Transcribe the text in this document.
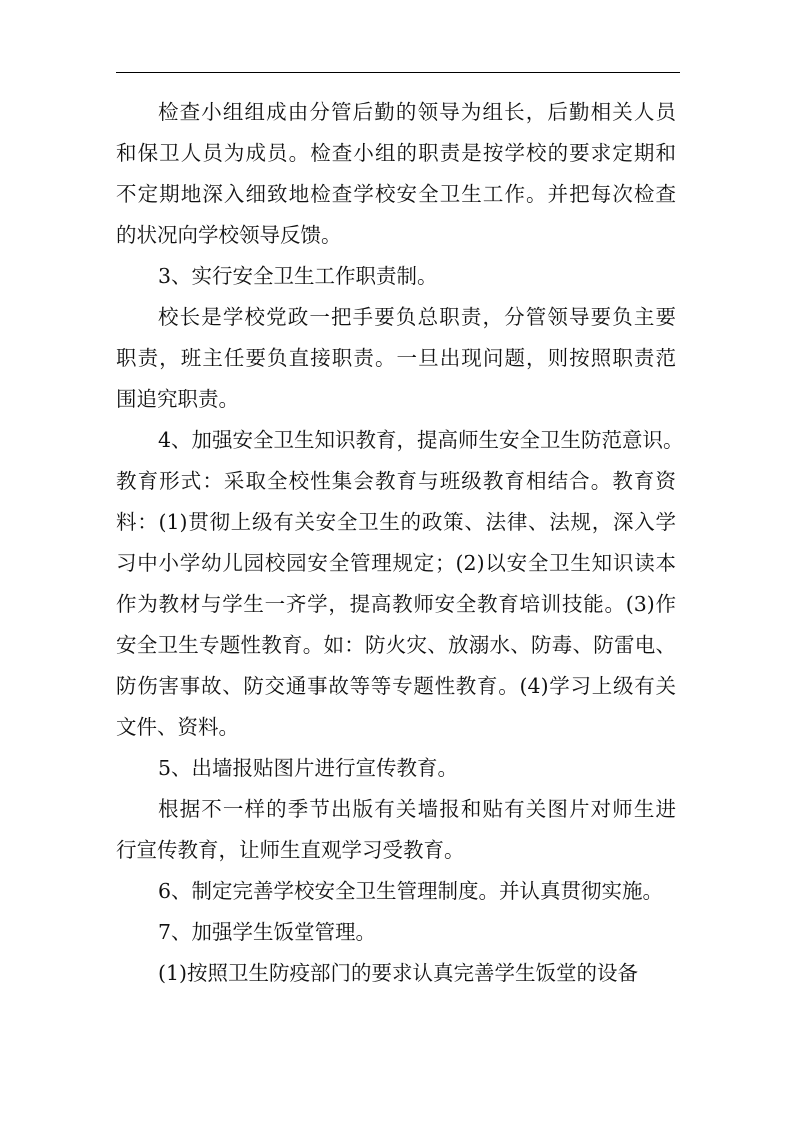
检查小组组成由分管后勤的领导为组长，后勤相关人员
和保卫人员为成员。检查小组的职责是按学校的要求定期和
不定期地深入细致地检查学校安全卫生工作。并把每次检查
的状况向学校领导反馈。
3、实行安全卫生工作职责制。
校长是学校党政一把手要负总职责，分管领导要负主要
职责，班主任要负直接职责。一旦出现问题，则按照职责范
围追究职责。
4、加强安全卫生知识教育，提高师生安全卫生防范意识。
教育形式：采取全校性集会教育与班级教育相结合。教育资
料：(1)贯彻上级有关安全卫生的政策、法律、法规，深入学
习中小学幼儿园校园安全管理规定；(2)以安全卫生知识读本
作为教材与学生一齐学，提高教师安全教育培训技能。(3)作
安全卫生专题性教育。如：防火灾、放溺水、防毒、防雷电、
防伤害事故、防交通事故等等专题性教育。(4)学习上级有关
文件、资料。
5、出墙报贴图片进行宣传教育。
根据不一样的季节出版有关墙报和贴有关图片对师生进
行宣传教育，让师生直观学习受教育。
6、制定完善学校安全卫生管理制度。并认真贯彻实施。
7、加强学生饭堂管理。
(1)按照卫生防疫部门的要求认真完善学生饭堂的设备
